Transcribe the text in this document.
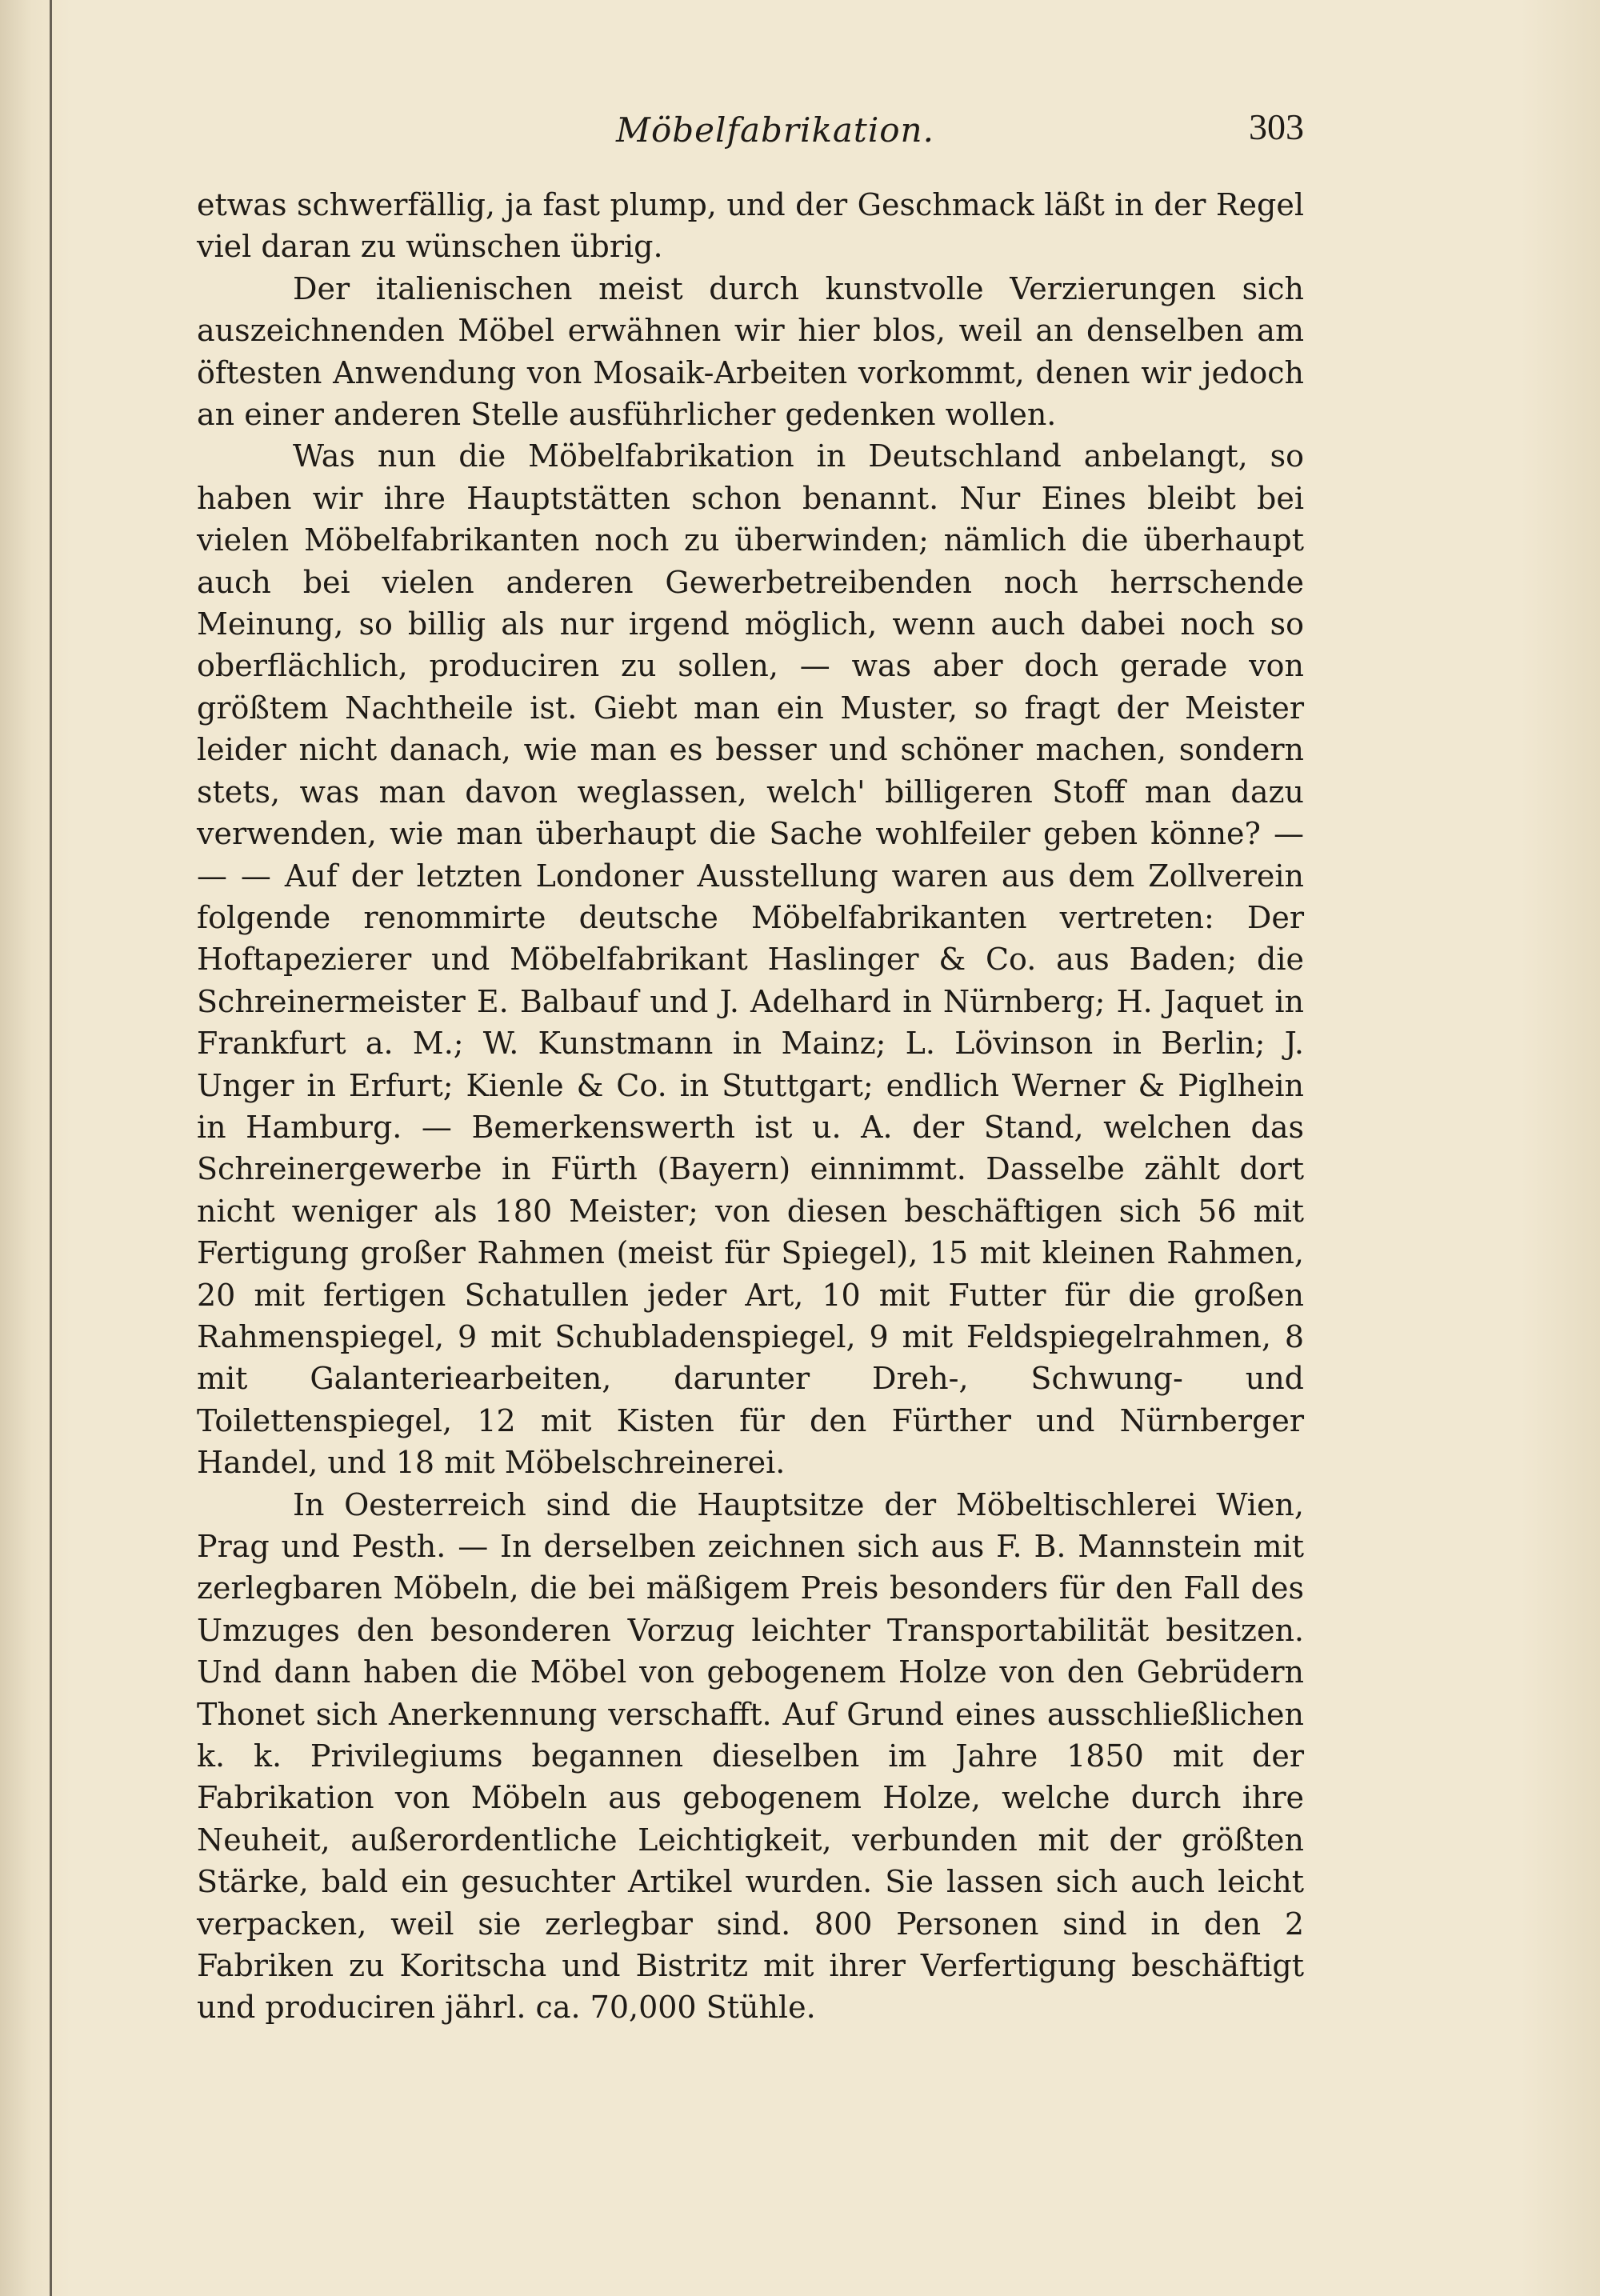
Möbelfabrikation.	303

etwas schwerfällig, ja fast plump, und der Geschmack läßt in der Regel viel daran zu wünschen übrig.

Der italienischen meist durch kunstvolle Verzierungen sich auszeichnenden Möbel erwähnen wir hier blos, weil an denselben am öftesten Anwendung von Mosaik-Arbeiten vorkommt, denen wir jedoch an einer anderen Stelle ausführlicher gedenken wollen.

Was nun die Möbelfabrikation in Deutschland anbelangt, so haben wir ihre Hauptstätten schon benannt. Nur Eines bleibt bei vielen Möbelfabrikanten noch zu überwinden; nämlich die überhaupt auch bei vielen anderen Gewerbetreibenden noch herrschende Meinung, so billig als nur irgend möglich, wenn auch dabei noch so oberflächlich, produciren zu sollen, — was aber doch gerade von größtem Nachtheile ist. Giebt man ein Muster, so fragt der Meister leider nicht danach, wie man es besser und schöner machen, sondern stets, was man davon weglassen, welch' billigeren Stoff man dazu verwenden, wie man überhaupt die Sache wohlfeiler geben könne? — — — Auf der letzten Londoner Ausstellung waren aus dem Zollverein folgende renommirte deutsche Möbelfabrikanten vertreten: Der Hoftapezierer und Möbelfabrikant Haslinger & Co. aus Baden; die Schreinermeister E. Balbauf und J. Adelhard in Nürnberg; H. Jaquet in Frankfurt a. M.; W. Kunstmann in Mainz; L. Lövinson in Berlin; J. Unger in Erfurt; Kienle & Co. in Stuttgart; endlich Werner & Piglhein in Hamburg. — Bemerkenswerth ist u. A. der Stand, welchen das Schreinergewerbe in Fürth (Bayern) einnimmt. Dasselbe zählt dort nicht weniger als 180 Meister; von diesen beschäftigen sich 56 mit Fertigung großer Rahmen (meist für Spiegel), 15 mit kleinen Rahmen, 20 mit fertigen Schatullen jeder Art, 10 mit Futter für die großen Rahmenspiegel, 9 mit Schubladenspiegel, 9 mit Feldspiegelrahmen, 8 mit Galanteriearbeiten, darunter Dreh-, Schwung- und Toilettenspiegel, 12 mit Kisten für den Fürther und Nürnberger Handel, und 18 mit Möbelschreinerei.

In Oesterreich sind die Hauptsitze der Möbeltischlerei Wien, Prag und Pesth. — In derselben zeichnen sich aus F. B. Mannstein mit zerlegbaren Möbeln, die bei mäßigem Preis besonders für den Fall des Umzuges den besonderen Vorzug leichter Transportabilität besitzen. Und dann haben die Möbel von gebogenem Holze von den Gebrüdern Thonet sich Anerkennung verschafft. Auf Grund eines ausschließlichen k. k. Privilegiums begannen dieselben im Jahre 1850 mit der Fabrikation von Möbeln aus gebogenem Holze, welche durch ihre Neuheit, außerordentliche Leichtigkeit, verbunden mit der größten Stärke, bald ein gesuchter Artikel wurden. Sie lassen sich auch leicht verpacken, weil sie zerlegbar sind. 800 Personen sind in den 2 Fabriken zu Koritscha und Bistritz mit ihrer Verfertigung beschäftigt und produciren jährl. ca. 70,000 Stühle.
